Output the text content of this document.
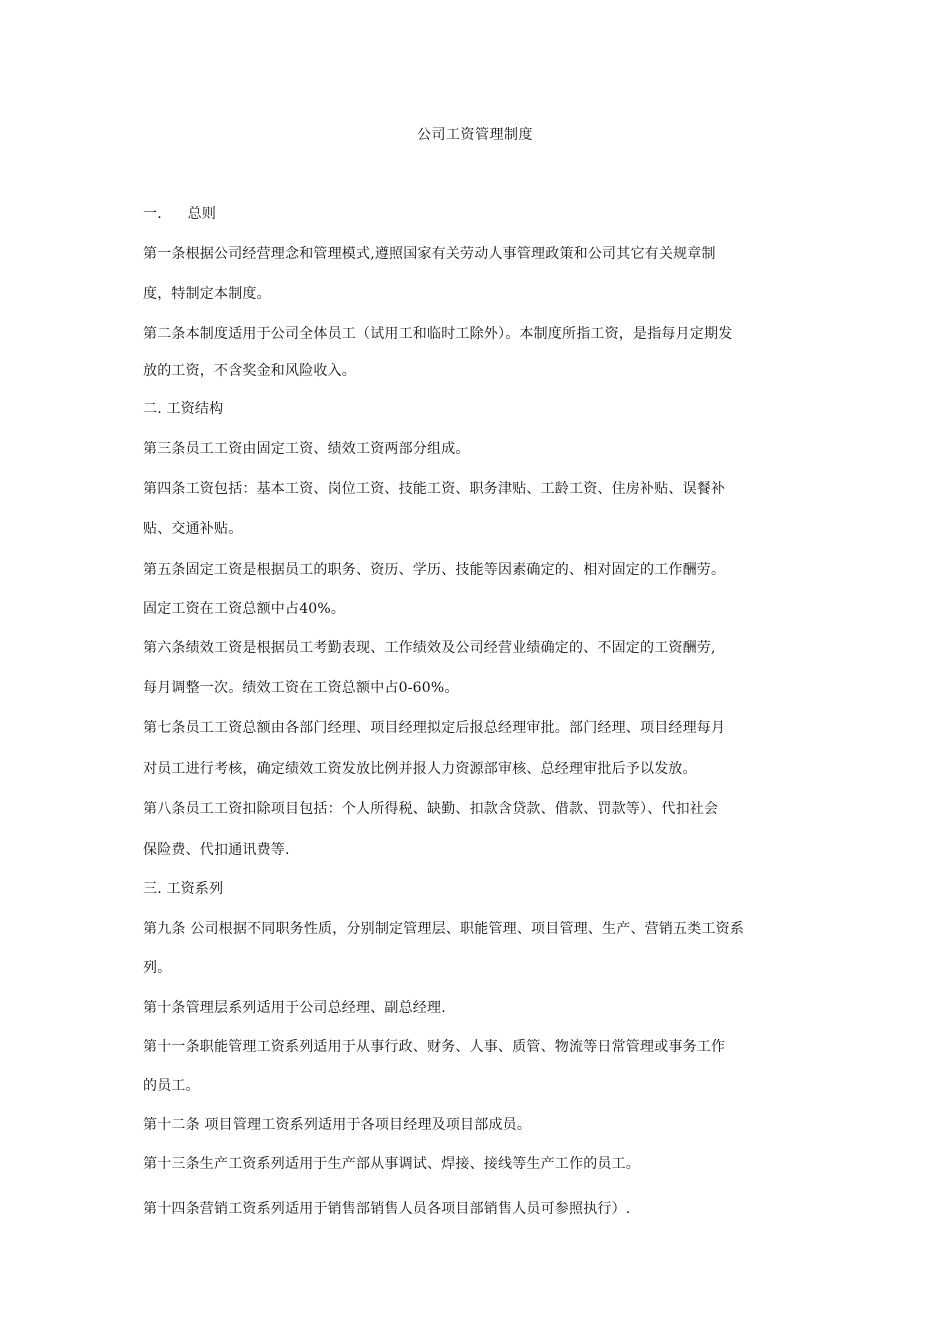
公司工资管理制度
一. 总则
第一条根据公司经营理念和管理模式,遵照国家有关劳动人事管理政策和公司其它有关规章制
度，特制定本制度。
第二条本制度适用于公司全体员工（试用工和临时工除外）。本制度所指工资，是指每月定期发
放的工资，不含奖金和风险收入。
二. 工资结构
第三条员工工资由固定工资、绩效工资两部分组成。
第四条工资包括：基本工资、岗位工资、技能工资、职务津贴、工龄工资、住房补贴、误餐补
贴、交通补贴。
第五条固定工资是根据员工的职务、资历、学历、技能等因素确定的、相对固定的工作酬劳。
固定工资在工资总额中占40%。
第六条绩效工资是根据员工考勤表现、工作绩效及公司经营业绩确定的、不固定的工资酬劳,
每月调整一次。绩效工资在工资总额中占0-60%。
第七条员工工资总额由各部门经理、项目经理拟定后报总经理审批。部门经理、项目经理每月
对员工进行考核，确定绩效工资发放比例并报人力资源部审核、总经理审批后予以发放。
第八条员工工资扣除项目包括：个人所得税、缺勤、扣款含贷款、借款、罚款等）、代扣社会
保险费、代扣通讯费等.
三. 工资系列
第九条 公司根据不同职务性质，分别制定管理层、职能管理、项目管理、生产、营销五类工资系
列。
第十条管理层系列适用于公司总经理、副总经理.
第十一条职能管理工资系列适用于从事行政、财务、人事、质管、物流等日常管理或事务工作
的员工。
第十二条 项目管理工资系列适用于各项目经理及项目部成员。
第十三条生产工资系列适用于生产部从事调试、焊接、接线等生产工作的员工。
第十四条营销工资系列适用于销售部销售人员各项目部销售人员可参照执行）.
